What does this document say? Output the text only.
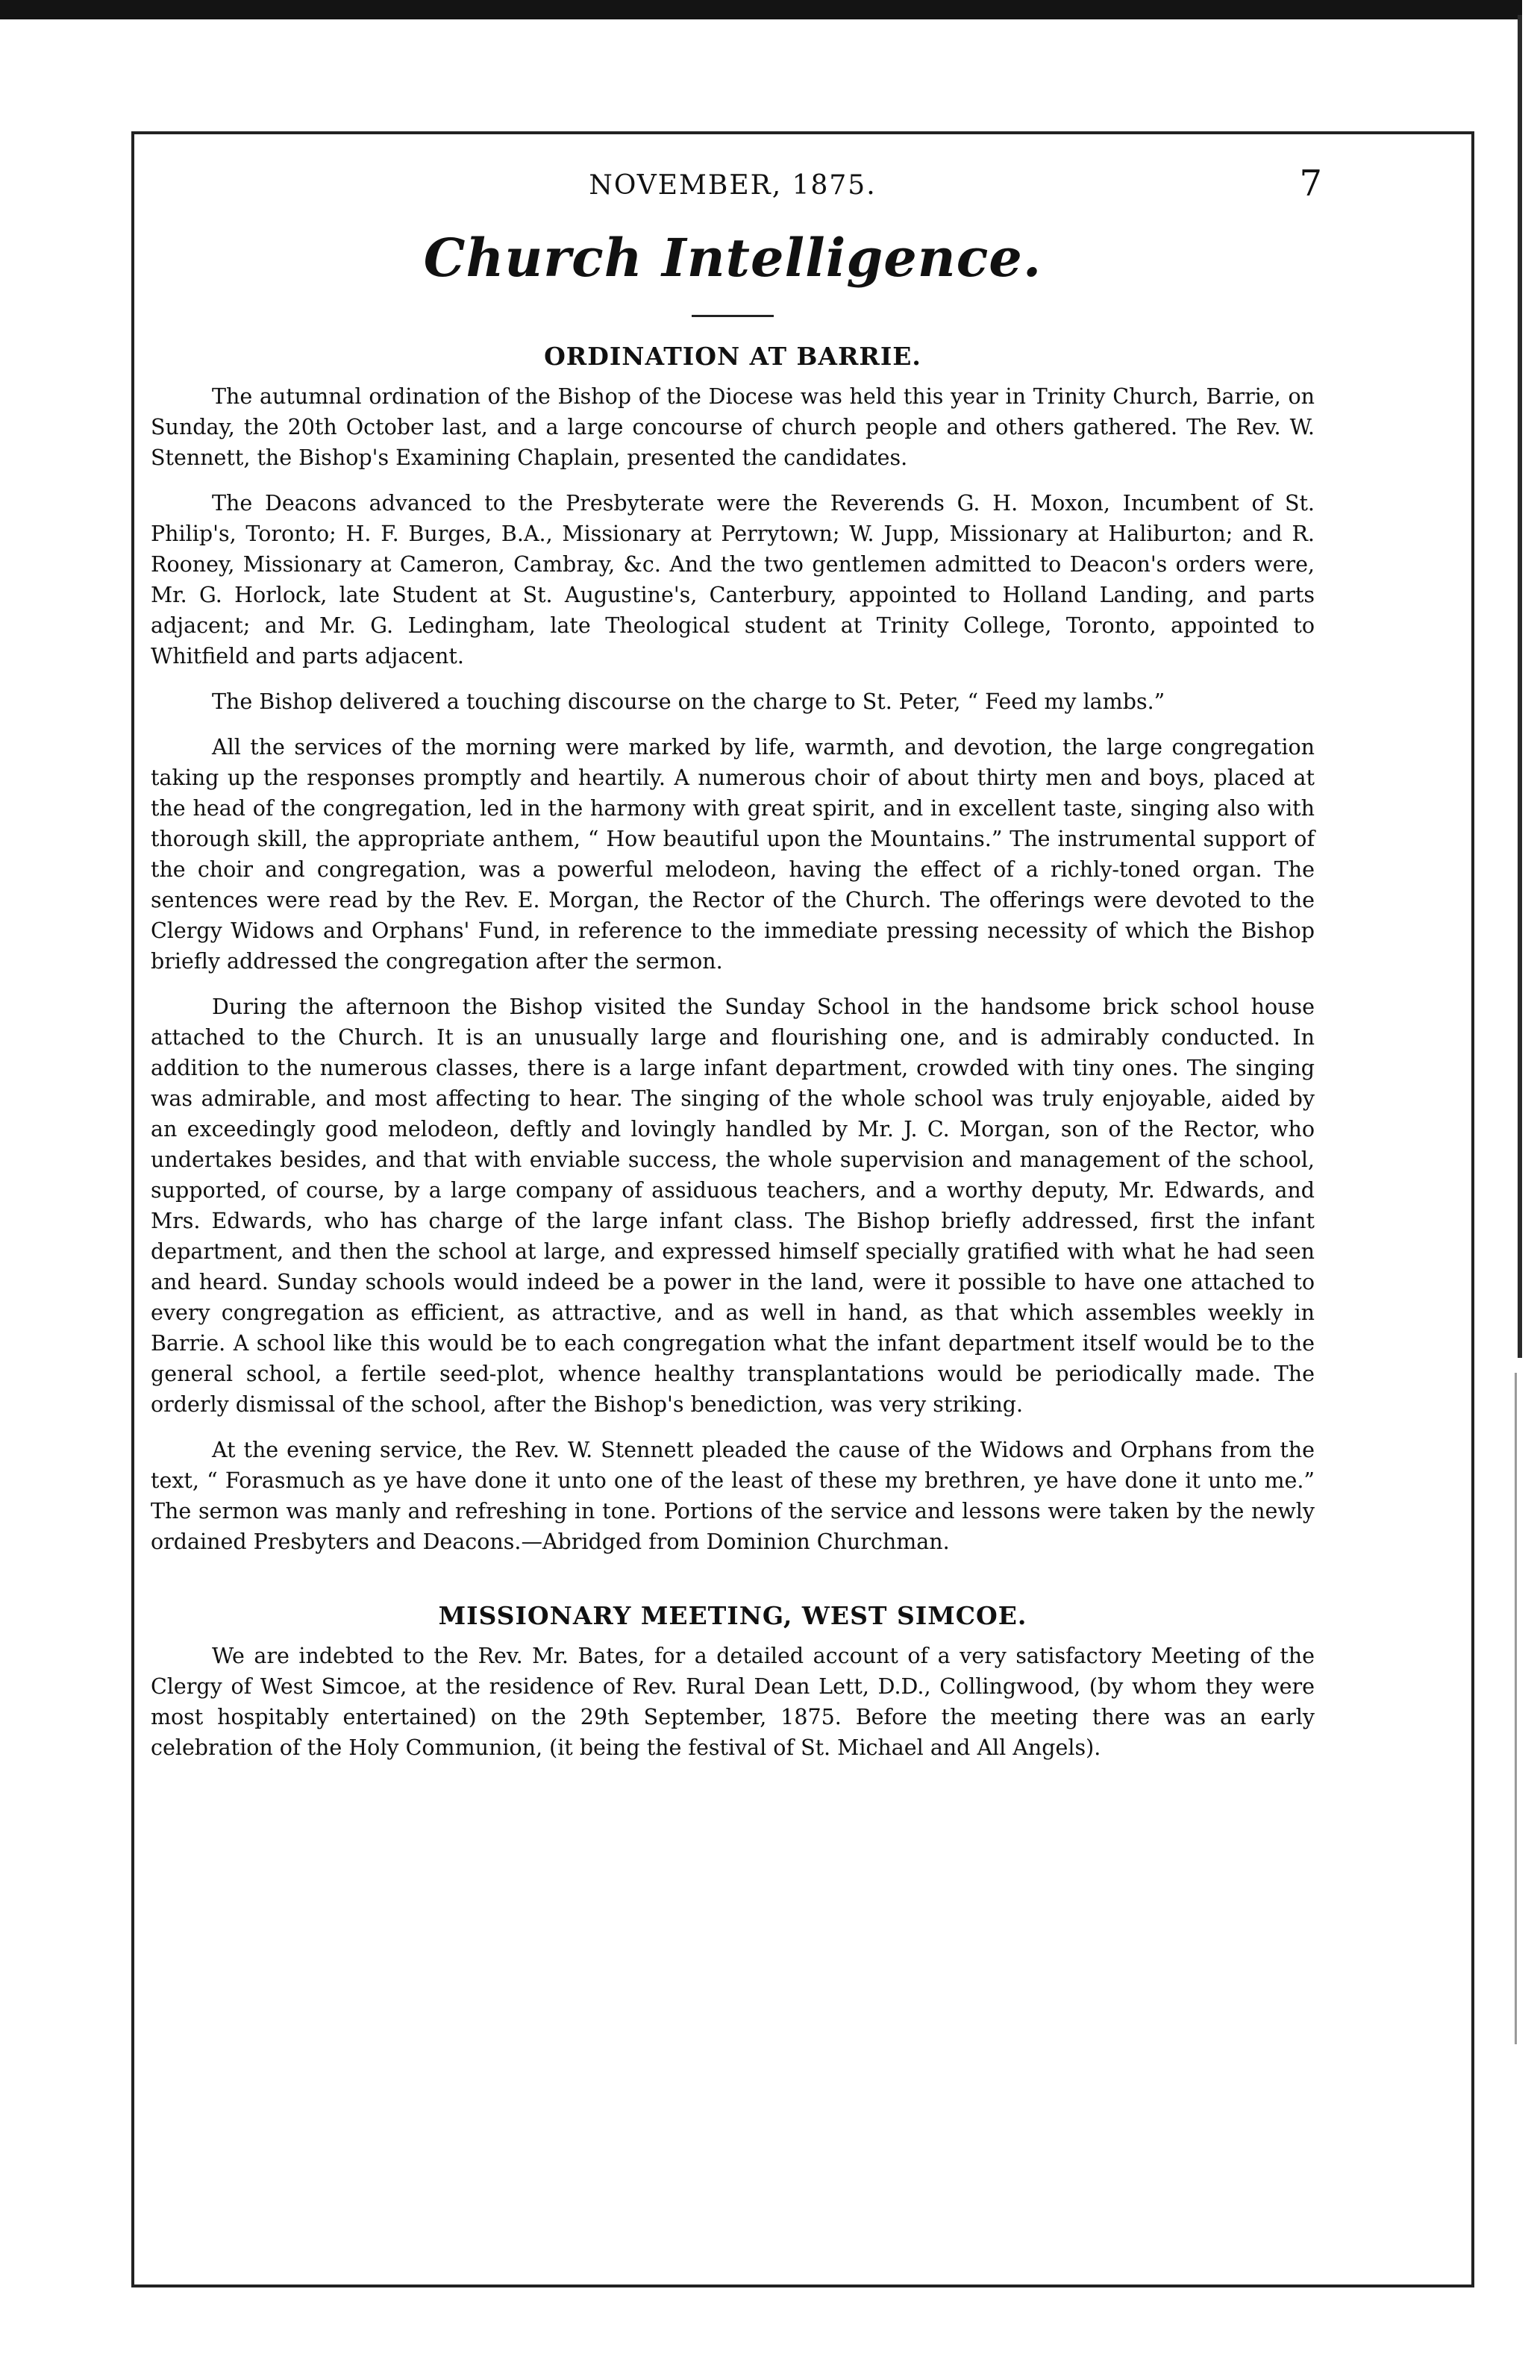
NOVEMBER, 1875.	7
Church Intelligence.
ORDINATION AT BARRIE.

The autumnal ordination of the Bishop of the Diocese was held this year in Trinity Church, Barrie, on Sunday, the 20th October last, and a large concourse of church people and others gathered. The Rev. W. Stennett, the Bishop's Examining Chaplain, presented the candidates.

The Deacons advanced to the Presbyterate were the Reverends G. H. Moxon, Incumbent of St. Philip's, Toronto; H. F. Burges, B.A., Missionary at Perrytown; W. Jupp, Missionary at Haliburton; and R. Rooney, Missionary at Cameron, Cambray, &c. And the two gentlemen admitted to Deacon's orders were, Mr. G. Horlock, late Student at St. Augustine's, Canterbury, appointed to Holland Landing, and parts adjacent; and Mr. G. Ledingham, late Theological student at Trinity College, Toronto, appointed to Whitfield and parts adjacent.

The Bishop delivered a touching discourse on the charge to St. Peter, “ Feed my lambs.”

All the services of the morning were marked by life, warmth, and devotion, the large congregation taking up the responses promptly and heartily. A numerous choir of about thirty men and boys, placed at the head of the congregation, led in the harmony with great spirit, and in excellent taste, singing also with thorough skill, the appropriate anthem, “ How beautiful upon the Mountains.” The instrumental support of the choir and congregation, was a powerful melodeon, having the effect of a richly-toned organ. The sentences were read by the Rev. E. Morgan, the Rector of the Church. The offerings were devoted to the Clergy Widows and Orphans' Fund, in reference to the immediate pressing necessity of which the Bishop briefly addressed the congregation after the sermon.

During the afternoon the Bishop visited the Sunday School in the handsome brick school house attached to the Church. It is an unusually large and flourishing one, and is admirably conducted. In addition to the numerous classes, there is a large infant department, crowded with tiny ones. The singing was admirable, and most affecting to hear. The singing of the whole school was truly enjoyable, aided by an exceedingly good melodeon, deftly and lovingly handled by Mr. J. C. Morgan, son of the Rector, who undertakes besides, and that with enviable success, the whole supervision and management of the school, supported, of course, by a large company of assiduous teachers, and a worthy deputy, Mr. Edwards, and Mrs. Edwards, who has charge of the large infant class. The Bishop briefly addressed, first the infant department, and then the school at large, and expressed himself specially gratified with what he had seen and heard. Sunday schools would indeed be a power in the land, were it possible to have one attached to every congregation as efficient, as attractive, and as well in hand, as that which assembles weekly in Barrie. A school like this would be to each congregation what the infant department itself would be to the general school, a fertile seed-plot, whence healthy transplantations would be periodically made. The orderly dismissal of the school, after the Bishop's benediction, was very striking.

At the evening service, the Rev. W. Stennett pleaded the cause of the Widows and Orphans from the text, “ Forasmuch as ye have done it unto one of the least of these my brethren, ye have done it unto me.” The sermon was manly and refreshing in tone. Portions of the service and lessons were taken by the newly ordained Presbyters and Deacons.—Abridged from Dominion Churchman.

MISSIONARY MEETING, WEST SIMCOE.

We are indebted to the Rev. Mr. Bates, for a detailed account of a very satisfactory Meeting of the Clergy of West Simcoe, at the residence of Rev. Rural Dean Lett, D.D., Collingwood, (by whom they were most hospitably entertained) on the 29th September, 1875. Before the meeting there was an early celebration of the Holy Communion, (it being the festival of St. Michael and All Angels).
